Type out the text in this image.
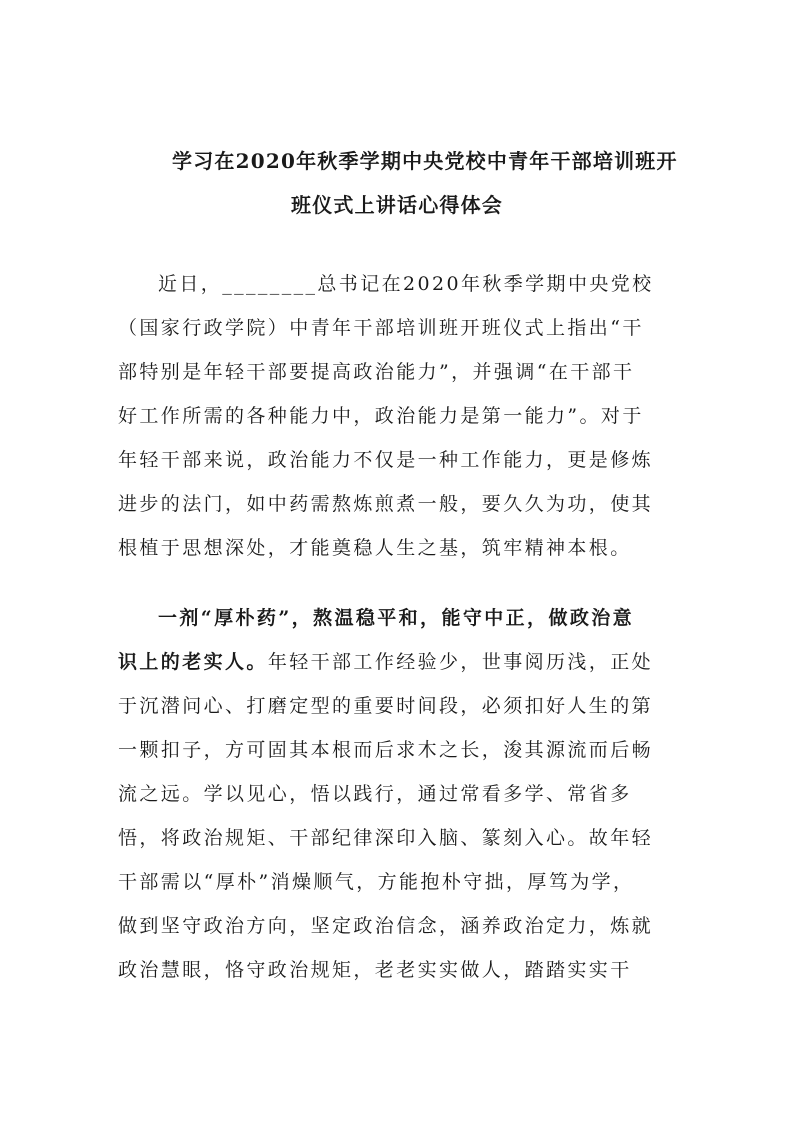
学习在2020年秋季学期中央党校中青年干部培训班开
班仪式上讲话心得体会
近日，________总书记在2020年秋季学期中央党校
（国家行政学院）中青年干部培训班开班仪式上指出“干
部特别是年轻干部要提高政治能力”，并强调“在干部干
好工作所需的各种能力中，政治能力是第一能力”。对于
年轻干部来说，政治能力不仅是一种工作能力，更是修炼
进步的法门，如中药需熬炼煎煮一般，要久久为功，使其
根植于思想深处，才能奠稳人生之基，筑牢精神本根。
一剂“厚朴药”，熬温稳平和，能守中正，做政治意
识上的老实人。年轻干部工作经验少，世事阅历浅，正处
于沉潜问心、打磨定型的重要时间段，必须扣好人生的第
一颗扣子，方可固其本根而后求木之长，浚其源流而后畅
流之远。学以见心，悟以践行，通过常看多学、常省多
悟，将政治规矩、干部纪律深印入脑、篆刻入心。故年轻
干部需以“厚朴”消燥顺气，方能抱朴守拙，厚笃为学，
做到坚守政治方向，坚定政治信念，涵养政治定力，炼就
政治慧眼，恪守政治规矩，老老实实做人，踏踏实实干
